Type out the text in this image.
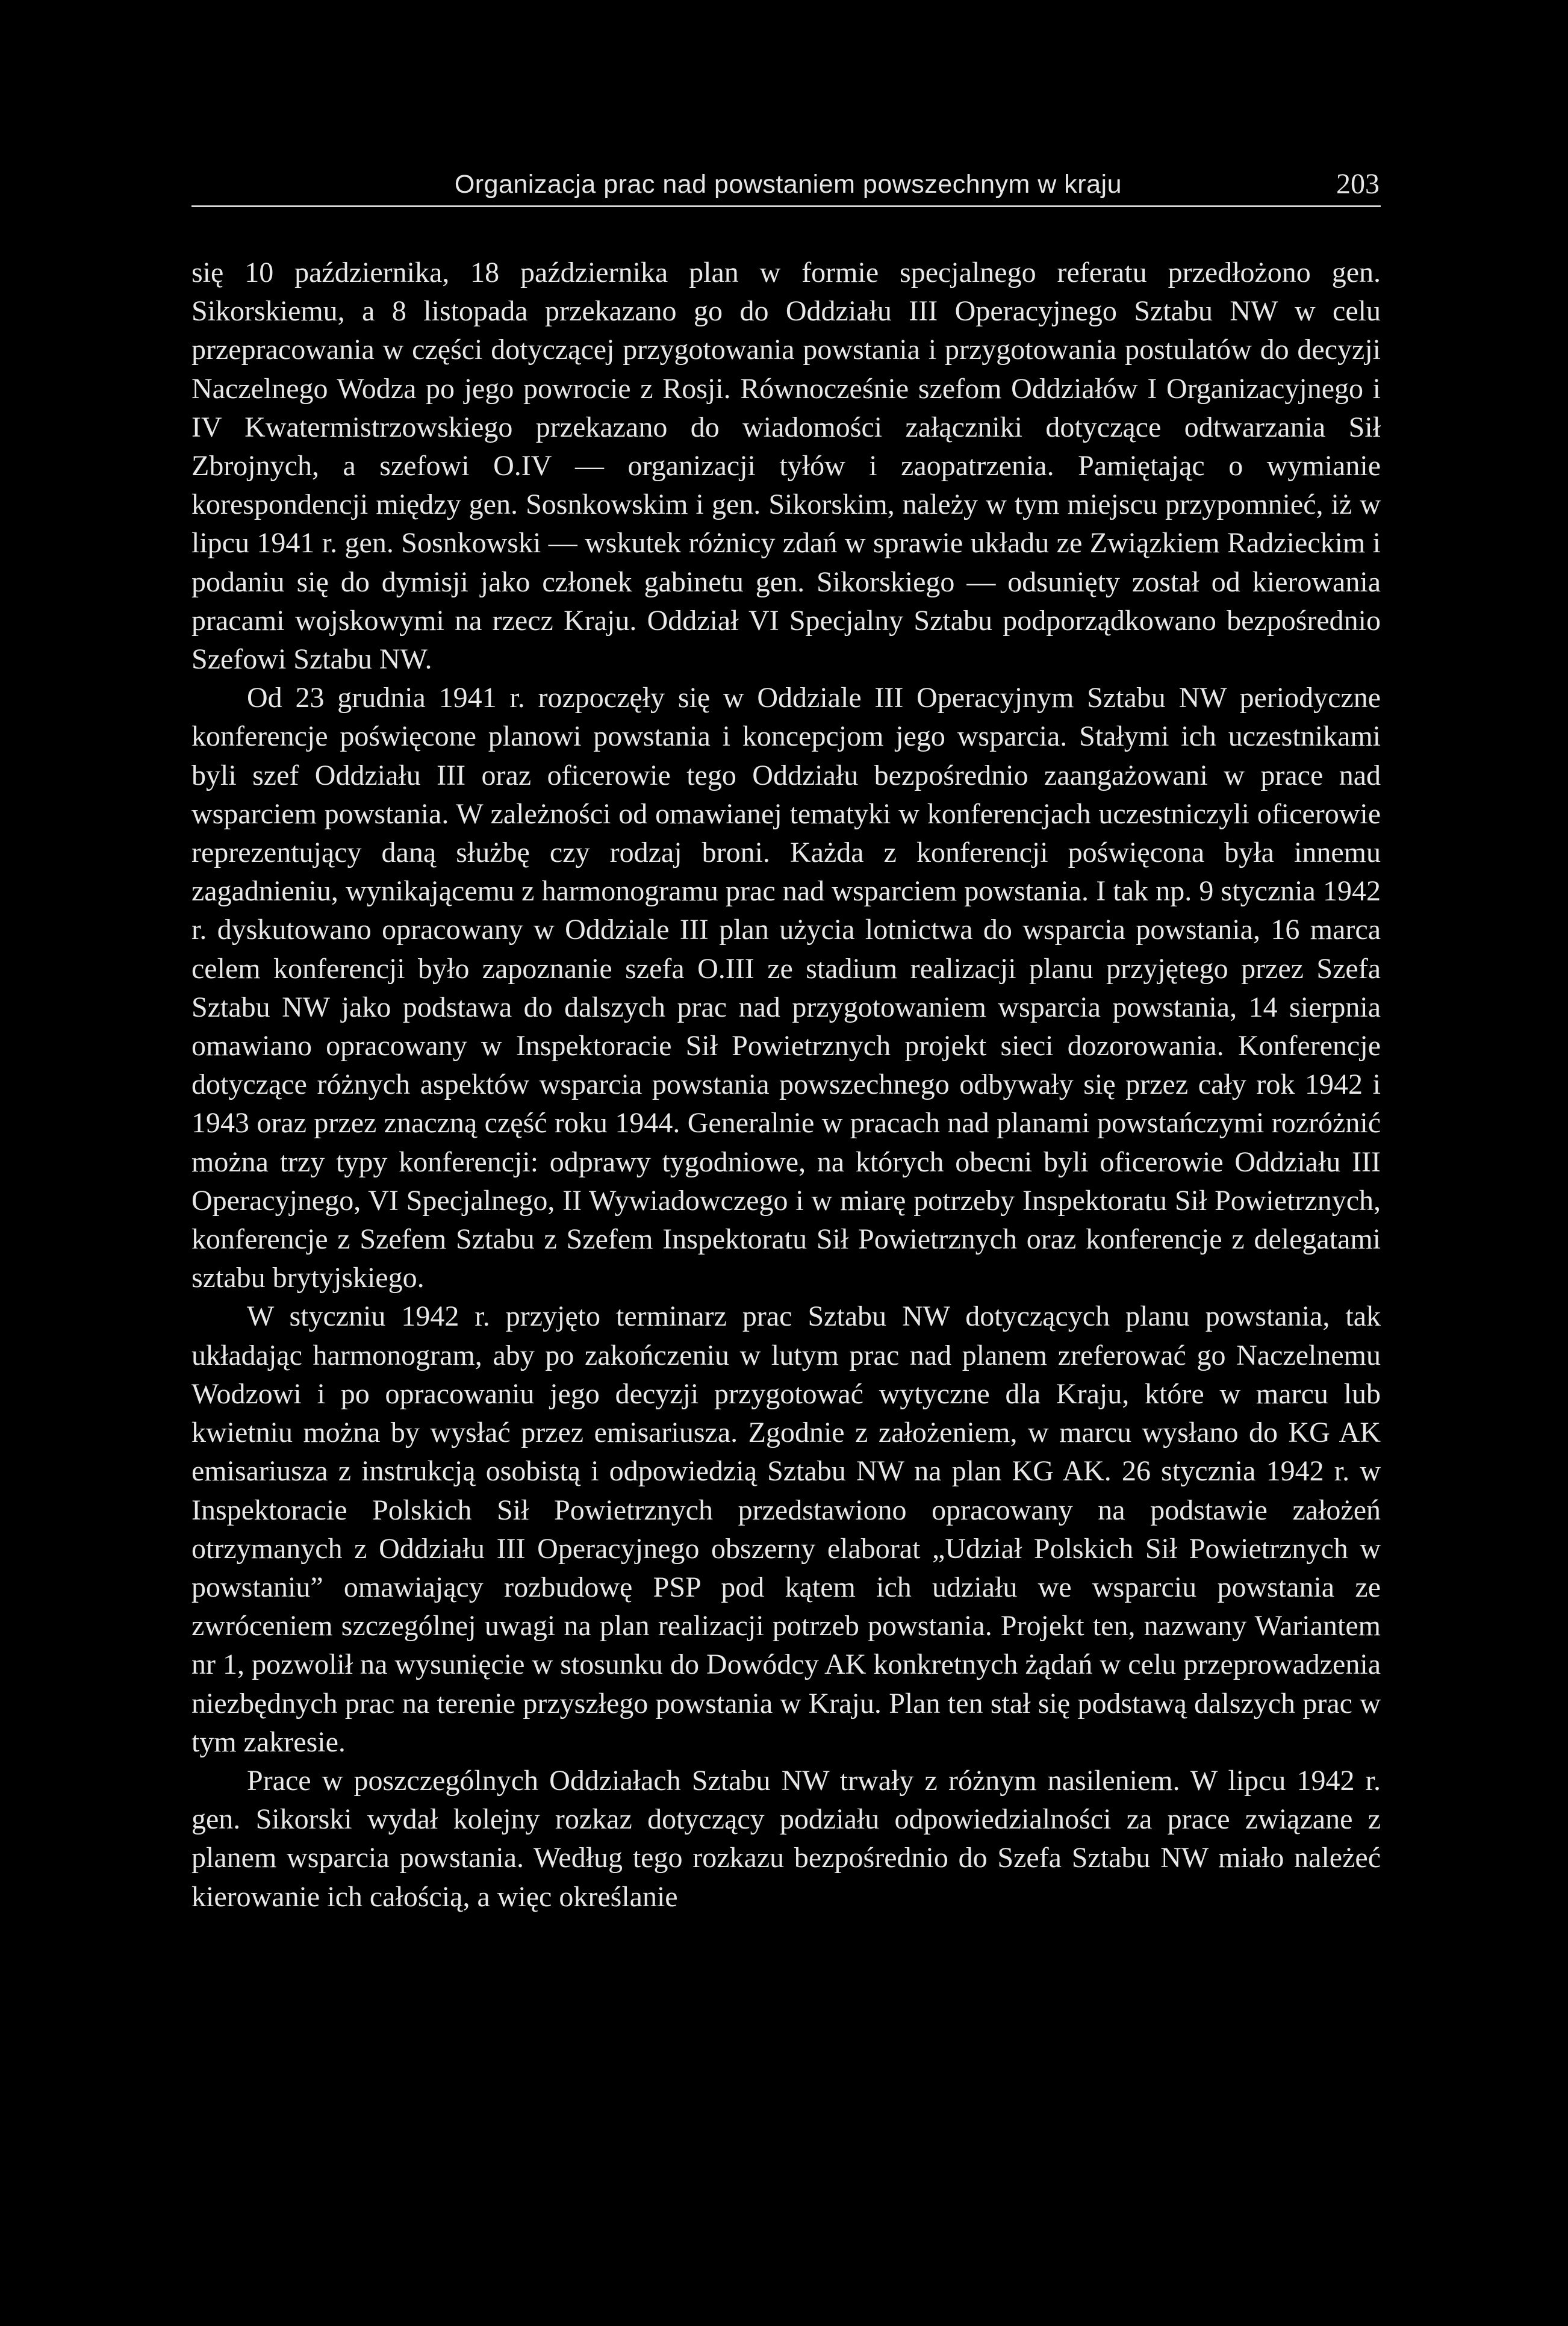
Organizacja prac nad powstaniem powszechnym w kraju	203

się 10 października, 18 października plan w formie specjalnego referatu przedłożono gen. Sikorskiemu, a 8 listopada przekazano go do Oddziału III Operacyjnego Sztabu NW w celu przepracowania w części dotyczącej przygotowania powstania i przygotowania postulatów do decyzji Naczelnego Wodza po jego powrocie z Rosji. Równocześnie szefom Oddziałów I Organizacyjnego i IV Kwatermistrzowskiego przekazano do wiadomości załączniki dotyczące odtwarzania Sił Zbrojnych, a szefowi O.IV — organizacji tyłów i zaopatrzenia. Pamiętając o wymianie korespondencji między gen. Sosnkowskim i gen. Sikorskim, należy w tym miejscu przypomnieć, iż w lipcu 1941 r. gen. Sosnkowski — wskutek różnicy zdań w sprawie układu ze Związkiem Radzieckim i podaniu się do dymisji jako członek gabinetu gen. Sikorskiego — odsunięty został od kierowania pracami wojskowymi na rzecz Kraju. Oddział VI Specjalny Sztabu podporządkowano bezpośrednio Szefowi Sztabu NW.

Od 23 grudnia 1941 r. rozpoczęły się w Oddziale III Operacyjnym Sztabu NW periodyczne konferencje poświęcone planowi powstania i koncepcjom jego wsparcia. Stałymi ich uczestnikami byli szef Oddziału III oraz oficerowie tego Oddziału bezpośrednio zaangażowani w prace nad wsparciem powstania. W zależności od omawianej tematyki w konferencjach uczestniczyli oficerowie reprezentujący daną służbę czy rodzaj broni. Każda z konferencji poświęcona była innemu zagadnieniu, wynikającemu z harmonogramu prac nad wsparciem powstania. I tak np. 9 stycznia 1942 r. dyskutowano opracowany w Oddziale III plan użycia lotnictwa do wsparcia powstania, 16 marca celem konferencji było zapoznanie szefa O.III ze stadium realizacji planu przyjętego przez Szefa Sztabu NW jako podstawa do dalszych prac nad przygotowaniem wsparcia powstania, 14 sierpnia omawiano opracowany w Inspektoracie Sił Powietrznych projekt sieci dozorowania. Konferencje dotyczące różnych aspektów wsparcia powstania powszechnego odbywały się przez cały rok 1942 i 1943 oraz przez znaczną część roku 1944. Generalnie w pracach nad planami powstańczymi rozróżnić można trzy typy konferencji: odprawy tygodniowe, na których obecni byli oficerowie Oddziału III Operacyjnego, VI Specjalnego, II Wywiadowczego i w miarę potrzeby Inspektoratu Sił Powietrznych, konferencje z Szefem Sztabu z Szefem Inspektoratu Sił Powietrznych oraz konferencje z delegatami sztabu brytyjskiego.

W styczniu 1942 r. przyjęto terminarz prac Sztabu NW dotyczących planu powstania, tak układając harmonogram, aby po zakończeniu w lutym prac nad planem zreferować go Naczelnemu Wodzowi i po opracowaniu jego decyzji przygotować wytyczne dla Kraju, które w marcu lub kwietniu można by wysłać przez emisariusza. Zgodnie z założeniem, w marcu wysłano do KG AK emisariusza z instrukcją osobistą i odpowiedzią Sztabu NW na plan KG AK. 26 stycznia 1942 r. w Inspektoracie Polskich Sił Powietrznych przedstawiono opracowany na podstawie założeń otrzymanych z Oddziału III Operacyjnego obszerny elaborat „Udział Polskich Sił Powietrznych w powstaniu” omawiający rozbudowę PSP pod kątem ich udziału we wsparciu powstania ze zwróceniem szczególnej uwagi na plan realizacji potrzeb powstania. Projekt ten, nazwany Wariantem nr 1, pozwolił na wysunięcie w stosunku do Dowódcy AK konkretnych żądań w celu przeprowadzenia niezbędnych prac na terenie przyszłego powstania w Kraju. Plan ten stał się podstawą dalszych prac w tym zakresie.

Prace w poszczególnych Oddziałach Sztabu NW trwały z różnym nasileniem. W lipcu 1942 r. gen. Sikorski wydał kolejny rozkaz dotyczący podziału odpowiedzialności za prace związane z planem wsparcia powstania. Według tego rozkazu bezpośrednio do Szefa Sztabu NW miało należeć kierowanie ich całością, a więc określanie
